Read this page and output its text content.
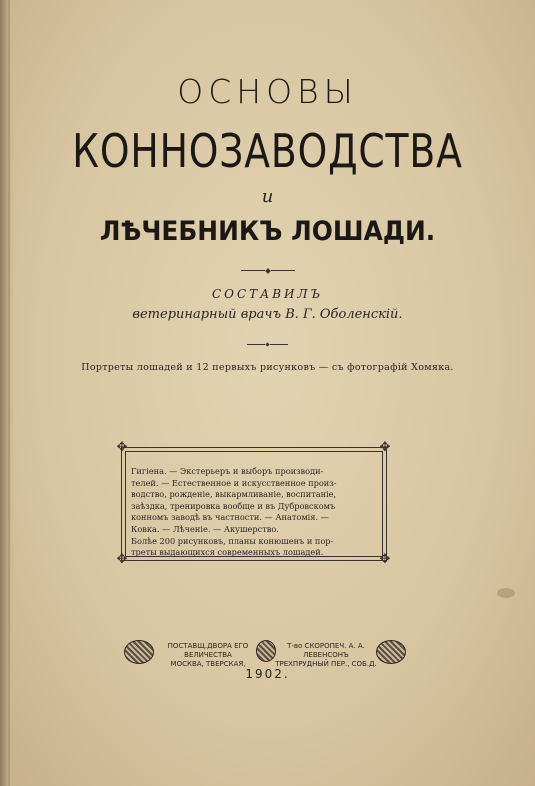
ОСНОВЫ
КОННОЗАВОДСТВА
и
ЛѢЧЕБНИКЪ ЛОШАДИ.
СОСТАВИЛЪ
ветеринарный врачъ В. Г. Оболенскій.
Портреты лошадей и 12 первыхъ рисунковъ — съ фотографій Хомяка.
✥	✥
✥	✥
Гигіена. — Экстерьеръ и выборъ производи-
телей. — Естественное и искусственное произ-
водство, рожденіе, выкармливаніе, воспитаніе,
заѣздка, тренировка вообще и въ Дубровскомъ
конномъ заводѣ въ частности. — Анатомія. —
Ковка. — Лѣченіе. — Акушерство.
Болѣе 200 рисунковъ, планы конюшенъ и пор-
треты выдающихся современныхъ лошадей.
ПОСТАВЩ.ДВОРА ЕГО ВЕЛИЧЕСТВА
МОСКВА, ТВЕРСКАЯ,
Т-во СКОРОПЕЧ. А. А. ЛЕВЕНСОНЪ
ТРЕХПРУДНЫЙ ПЕР., СОБ.Д.
1902.
